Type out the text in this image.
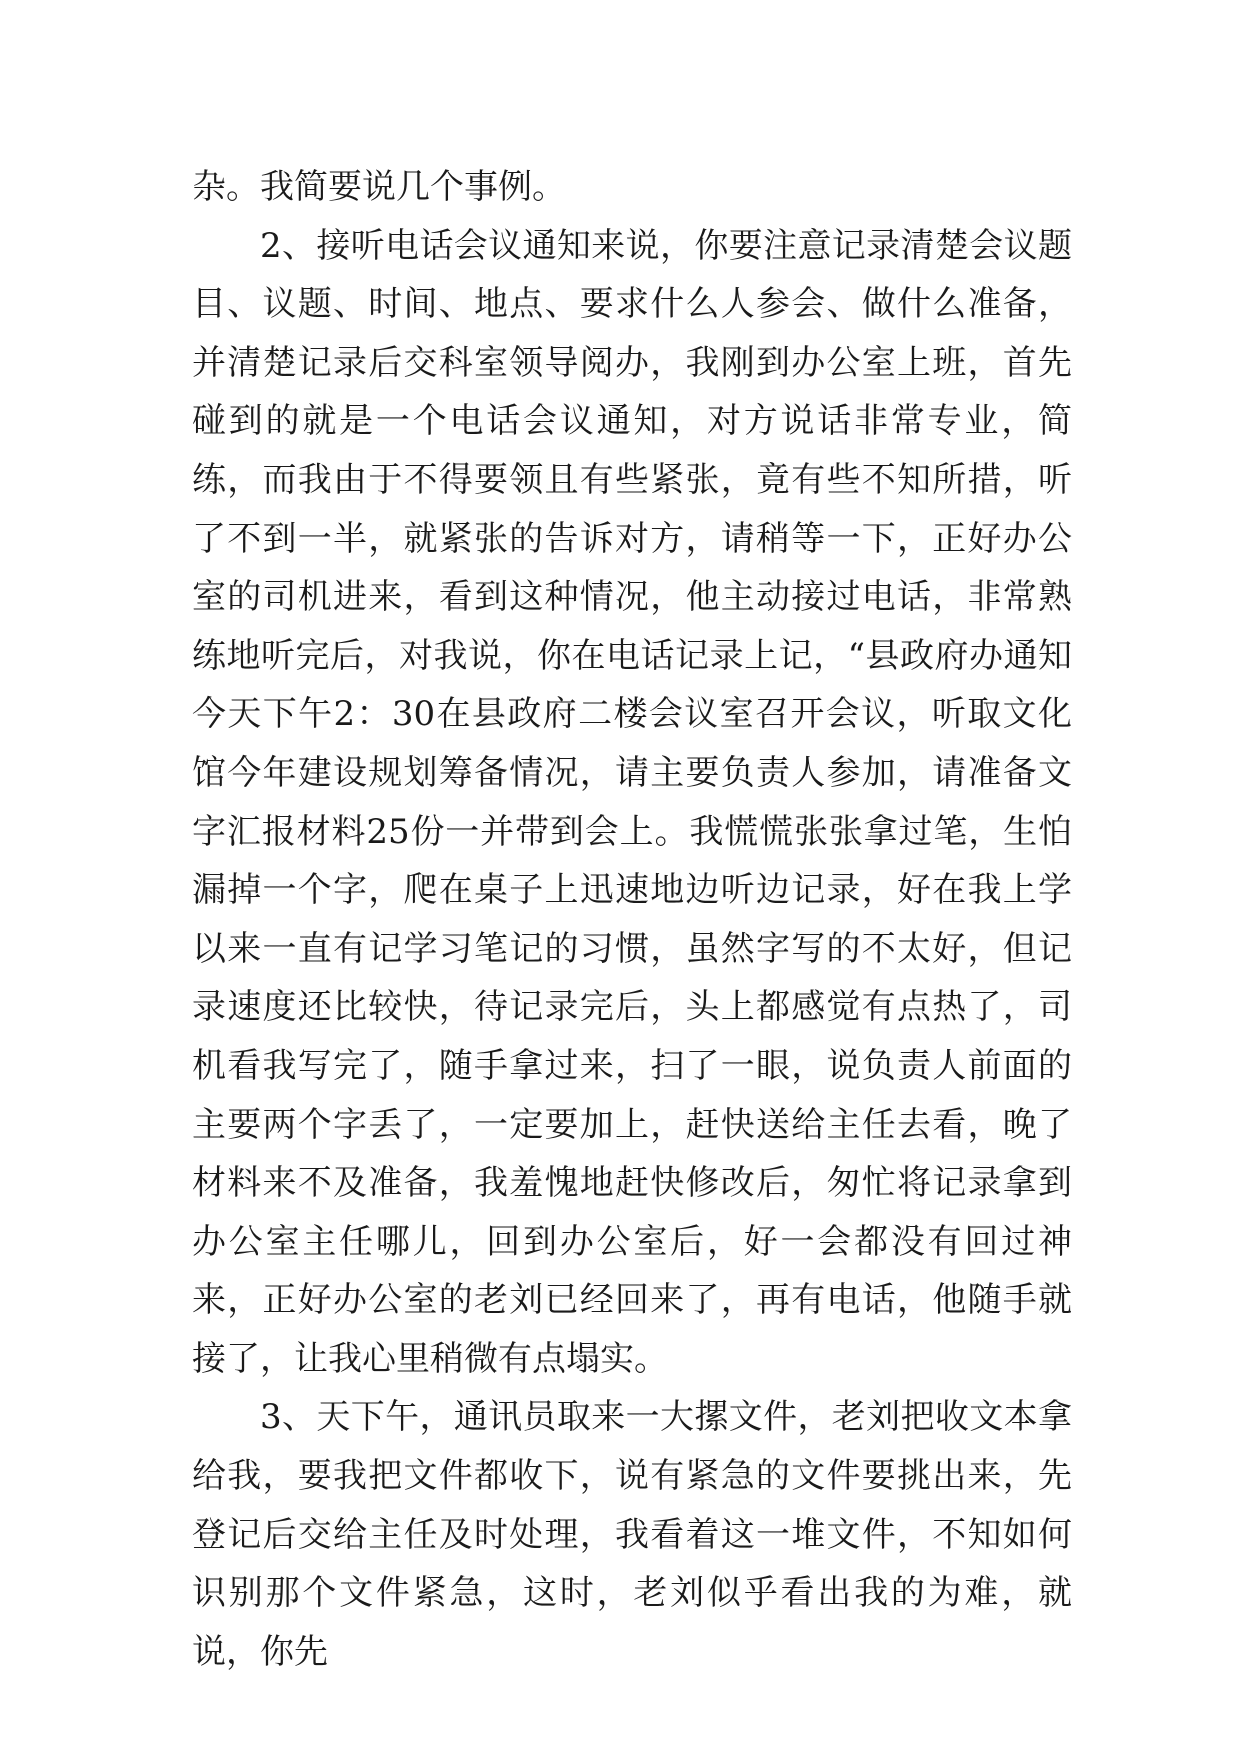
杂。我简要说几个事例。

2、接听电话会议通知来说，你要注意记录清楚会议题目、议题、时间、地点、要求什么人参会、做什么准备，并清楚记录后交科室领导阅办，我刚到办公室上班，首先碰到的就是一个电话会议通知，对方说话非常专业，简练，而我由于不得要领且有些紧张，竟有些不知所措，听了不到一半，就紧张的告诉对方，请稍等一下，正好办公室的司机进来，看到这种情况，他主动接过电话，非常熟练地听完后，对我说，你在电话记录上记，“县政府办通知今天下午2：30在县政府二楼会议室召开会议，听取文化馆今年建设规划筹备情况，请主要负责人参加，请准备文字汇报材料25份一并带到会上。我慌慌张张拿过笔，生怕漏掉一个字，爬在桌子上迅速地边听边记录，好在我上学以来一直有记学习笔记的习惯，虽然字写的不太好，但记录速度还比较快，待记录完后，头上都感觉有点热了，司机看我写完了，随手拿过来，扫了一眼，说负责人前面的主要两个字丢了，一定要加上，赶快送给主任去看，晚了材料来不及准备，我羞愧地赶快修改后，匆忙将记录拿到办公室主任哪儿，回到办公室后，好一会都没有回过神来，正好办公室的老刘已经回来了，再有电话，他随手就接了，让我心里稍微有点塌实。

3、天下午，通讯员取来一大摞文件，老刘把收文本拿给我，要我把文件都收下，说有紧急的文件要挑出来，先登记后交给主任及时处理，我看着这一堆文件，不知如何识别那个文件紧急，这时，老刘似乎看出我的为难，就说，你先
